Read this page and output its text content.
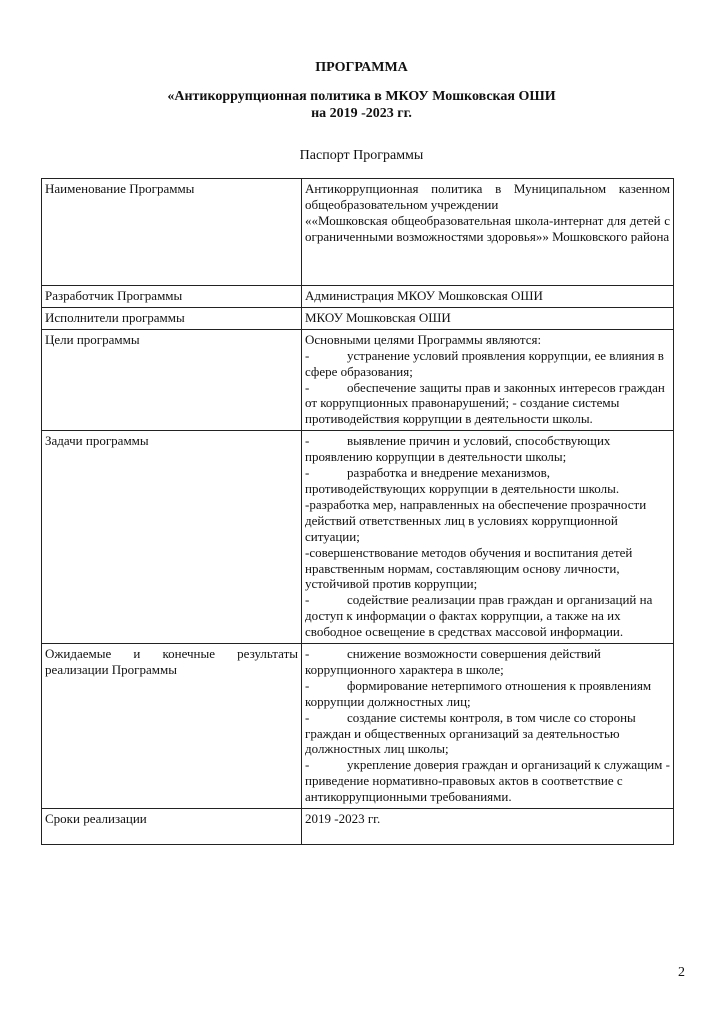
ПРОГРАММА
«Антикоррупционная политика в МКОУ Мошковская ОШИ
на 2019 -2023 гг.
Паспорт Программы
Наименование Программы	Антикоррупционная политика в Муниципальном казенном общеобразовательном учреждении
««Мошковская общеобразовательная школа-интернат для детей с ограниченными возможностями здоровья»» Мошковского района

Разработчик Программы	Администрация МКОУ Мошковская ОШИ

Исполнители программы	МКОУ Мошковская ОШИ

Цели программы	Основными целями Программы являются:
- устранение условий проявления коррупции, ее влияния в сфере образования;
- обеспечение защиты прав и законных интересов граждан от коррупционных правонарушений; - создание системы противодействия коррупции в деятельности школы.

Задачи программы	- выявление причин и условий, способствующих проявлению коррупции в деятельности школы;
- разработка и внедрение механизмов, противодействующих коррупции в деятельности школы.
-разработка мер, направленных на обеспечение прозрачности действий ответственных лиц в условиях коррупционной ситуации;
-совершенствование методов обучения и воспитания детей нравственным нормам, составляющим основу личности, устойчивой против коррупции;
- содействие реализации прав граждан и организаций на доступ к информации о фактах коррупции, а также на их свободное освещение в средствах массовой информации.

Ожидаемые и конечные результаты реализации Программы	- снижение возможности совершения действий коррупционного характера в школе;
- формирование нетерпимого отношения к проявлениям коррупции должностных лиц;
- создание системы контроля, в том числе со стороны граждан и общественных организаций за деятельностью должностных лиц школы;
- укрепление доверия граждан и организаций к служащим - приведение нормативно-правовых актов в соответствие с антикоррупционными требованиями.

Сроки реализации	2019 -2023 гг.
2
